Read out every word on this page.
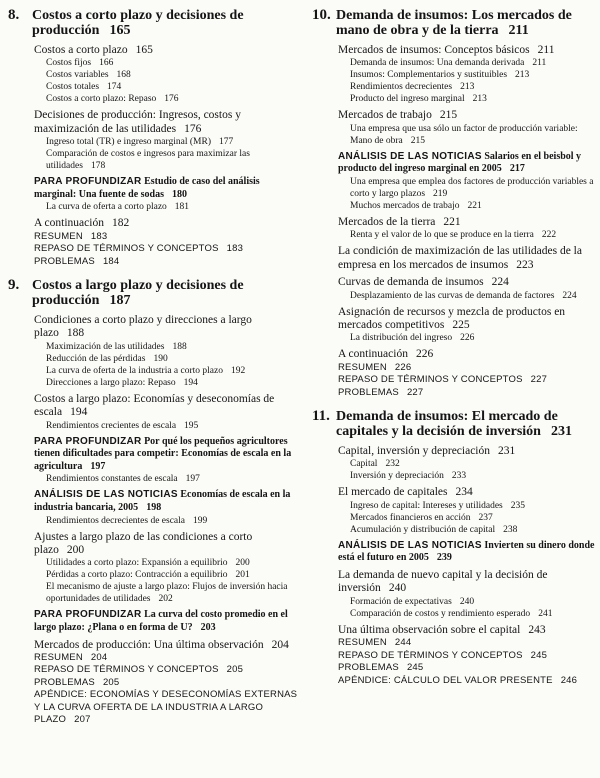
8. Costos a corto plazo y decisiones de producción 165
Costos a corto plazo 165
Costos fijos 166
Costos variables 168
Costos totales 174
Costos a corto plazo: Repaso 176
Decisiones de producción: Ingresos, costos y maximización de las utilidades 176
Ingreso total (TR) e ingreso marginal (MR) 177
Comparación de costos e ingresos para maximizar las utilidades 178
PARA PROFUNDIZAR Estudio de caso del análisis marginal: Una fuente de sodas 180
La curva de oferta a corto plazo 181
A continuación 182
RESUMEN 183
REPASO DE TÉRMINOS Y CONCEPTOS 183
PROBLEMAS 184
9. Costos a largo plazo y decisiones de producción 187
Condiciones a corto plazo y direcciones a largo plazo 188
Maximización de las utilidades 188
Reducción de las pérdidas 190
La curva de oferta de la industria a corto plazo 192
Direcciones a largo plazo: Repaso 194
Costos a largo plazo: Economías y deseconomías de escala 194
Rendimientos crecientes de escala 195
PARA PROFUNDIZAR Por qué los pequeños agricultores tienen dificultades para competir: Economías de escala en la agricultura 197
Rendimientos constantes de escala 197
ANÁLISIS DE LAS NOTICIAS Economías de escala en la industria bancaria, 2005 198
Rendimientos decrecientes de escala 199
Ajustes a largo plazo de las condiciones a corto plazo 200
Utilidades a corto plazo: Expansión a equilibrio 200
Pérdidas a corto plazo: Contracción a equilibrio 201
El mecanismo de ajuste a largo plazo: Flujos de inversión hacia oportunidades de utilidades 202
PARA PROFUNDIZAR La curva del costo promedio en el largo plazo: ¿Plana o en forma de U? 203
Mercados de producción: Una última observación 204
RESUMEN 204
REPASO DE TÉRMINOS Y CONCEPTOS 205
PROBLEMAS 205
APÉNDICE: ECONOMÍAS Y DESECONOMÍAS EXTERNAS Y LA CURVA OFERTA DE LA INDUSTRIA A LARGO PLAZO 207
10. Demanda de insumos: Los mercados de mano de obra y de la tierra 211
Mercados de insumos: Conceptos básicos 211
Demanda de insumos: Una demanda derivada 211
Insumos: Complementarios y sustituibles 213
Rendimientos decrecientes 213
Producto del ingreso marginal 213
Mercados de trabajo 215
Una empresa que usa sólo un factor de producción variable: Mano de obra 215
ANÁLISIS DE LAS NOTICIAS Salarios en el beisbol y producto del ingreso marginal en 2005 217
Una empresa que emplea dos factores de producción variables a corto y largo plazos 219
Muchos mercados de trabajo 221
Mercados de la tierra 221
Renta y el valor de lo que se produce en la tierra 222
La condición de maximización de las utilidades de la empresa en los mercados de insumos 223
Curvas de demanda de insumos 224
Desplazamiento de las curvas de demanda de factores 224
Asignación de recursos y mezcla de productos en mercados competitivos 225
La distribución del ingreso 226
A continuación 226
RESUMEN 226
REPASO DE TÉRMINOS Y CONCEPTOS 227
PROBLEMAS 227
11. Demanda de insumos: El mercado de capitales y la decisión de inversión 231
Capital, inversión y depreciación 231
Capital 232
Inversión y depreciación 233
El mercado de capitales 234
Ingreso de capital: Intereses y utilidades 235
Mercados financieros en acción 237
Acumulación y distribución de capital 238
ANÁLISIS DE LAS NOTICIAS Invierten su dinero donde está el futuro en 2005 239
La demanda de nuevo capital y la decisión de inversión 240
Formación de expectativas 240
Comparación de costos y rendimiento esperado 241
Una última observación sobre el capital 243
RESUMEN 244
REPASO DE TÉRMINOS Y CONCEPTOS 245
PROBLEMAS 245
APÉNDICE: CÁLCULO DEL VALOR PRESENTE 246
